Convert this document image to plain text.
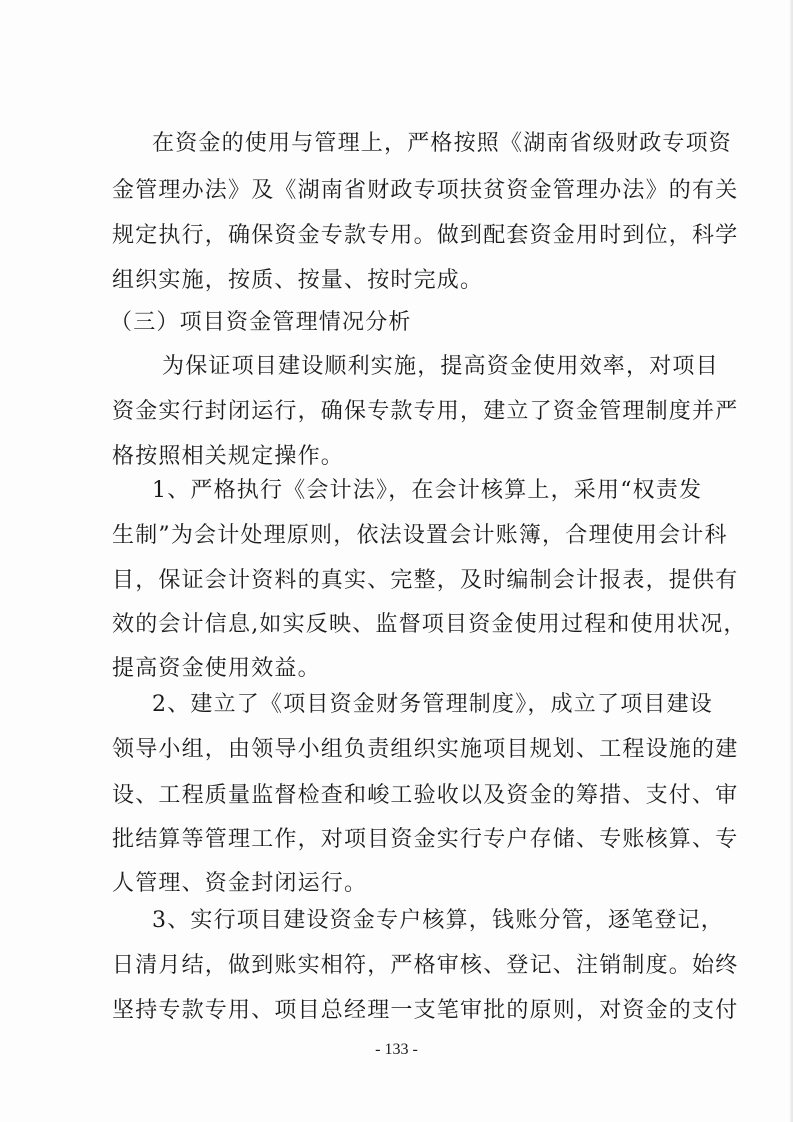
在资金的使用与管理上，严格按照《湖南省级财政专项资
金管理办法》及《湖南省财政专项扶贫资金管理办法》的有关
规定执行，确保资金专款专用。做到配套资金用时到位，科学
组织实施，按质、按量、按时完成。
（三）项目资金管理情况分析
为保证项目建设顺利实施，提高资金使用效率，对项目
资金实行封闭运行，确保专款专用，建立了资金管理制度并严
格按照相关规定操作。
1、严格执行《会计法》，在会计核算上，采用“权责发
生制”为会计处理原则，依法设置会计账簿，合理使用会计科
目，保证会计资料的真实、完整，及时编制会计报表，提供有
效的会计信息,如实反映、监督项目资金使用过程和使用状况，
提高资金使用效益。
2、建立了《项目资金财务管理制度》，成立了项目建设
领导小组，由领导小组负责组织实施项目规划、工程设施的建
设、工程质量监督检查和峻工验收以及资金的筹措、支付、审
批结算等管理工作，对项目资金实行专户存储、专账核算、专
人管理、资金封闭运行。
3、实行项目建设资金专户核算，钱账分管，逐笔登记，
日清月结，做到账实相符，严格审核、登记、注销制度。始终
坚持专款专用、项目总经理一支笔审批的原则，对资金的支付
- 133 -
